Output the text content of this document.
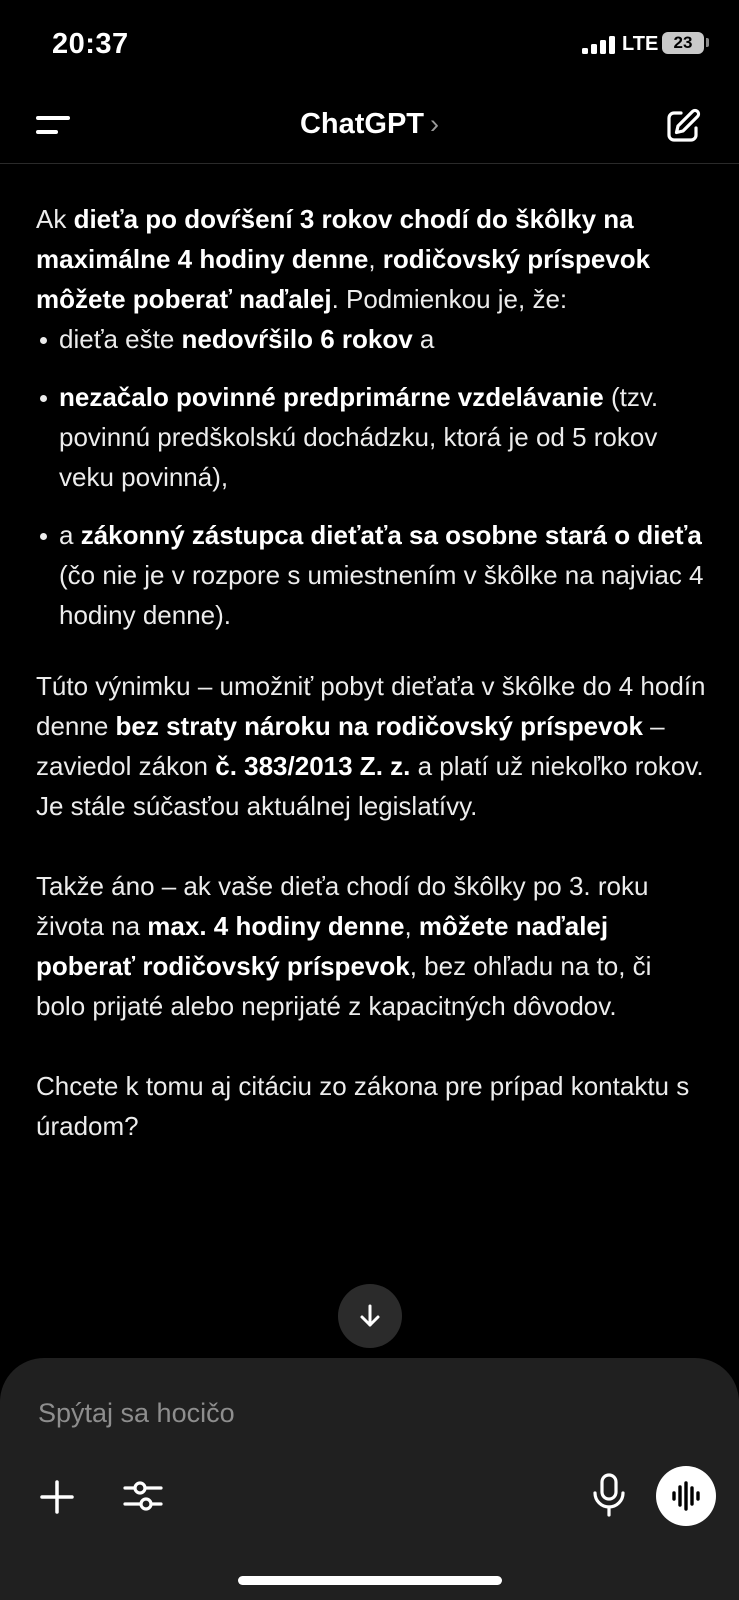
20:37	LTE 23
ChatGPT ›

Ak dieťa po dovŕšení 3 rokov chodí do škôlky na maximálne 4 hodiny denne, rodičovský príspevok môžete poberať naďalej. Podmienkou je, že:

dieťa ešte nedovŕšilo 6 rokov a
nezačalo povinné predprimárne vzdelávanie (tzv. povinnú predškolskú dochádzku, ktorá je od 5 rokov veku povinná),
a zákonný zástupca dieťaťa sa osobne stará o dieťa (čo nie je v rozpore s umiestnením v škôlke na najviac 4 hodiny denne).

Túto výnimku – umožniť pobyt dieťaťa v škôlke do 4 hodín denne bez straty nároku na rodičovský príspevok – zaviedol zákon č. 383/2013 Z. z. a platí už niekoľko rokov. Je stále súčasťou aktuálnej legislatívy.

Takže áno – ak vaše dieťa chodí do škôlky po 3. roku života na max. 4 hodiny denne, môžete naďalej poberať rodičovský príspevok, bez ohľadu na to, či bolo prijaté alebo neprijaté z kapacitných dôvodov.

Chcete k tomu aj citáciu zo zákona pre prípad kontaktu s úradom?

Spýtaj sa hocičo
